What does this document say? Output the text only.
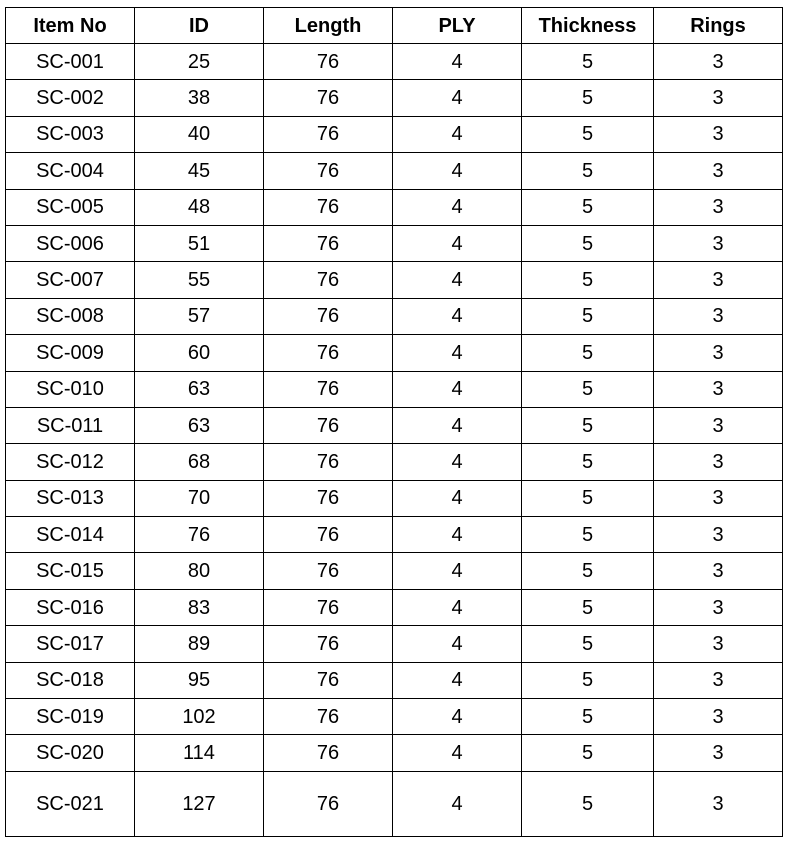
Item No	ID	Length	PLY	Thickness	Rings
SC-001	25	76	4	5	3
SC-002	38	76	4	5	3
SC-003	40	76	4	5	3
SC-004	45	76	4	5	3
SC-005	48	76	4	5	3
SC-006	51	76	4	5	3
SC-007	55	76	4	5	3
SC-008	57	76	4	5	3
SC-009	60	76	4	5	3
SC-010	63	76	4	5	3
SC-011	63	76	4	5	3
SC-012	68	76	4	5	3
SC-013	70	76	4	5	3
SC-014	76	76	4	5	3
SC-015	80	76	4	5	3
SC-016	83	76	4	5	3
SC-017	89	76	4	5	3
SC-018	95	76	4	5	3
SC-019	102	76	4	5	3
SC-020	114	76	4	5	3
SC-021	127	76	4	5	3
